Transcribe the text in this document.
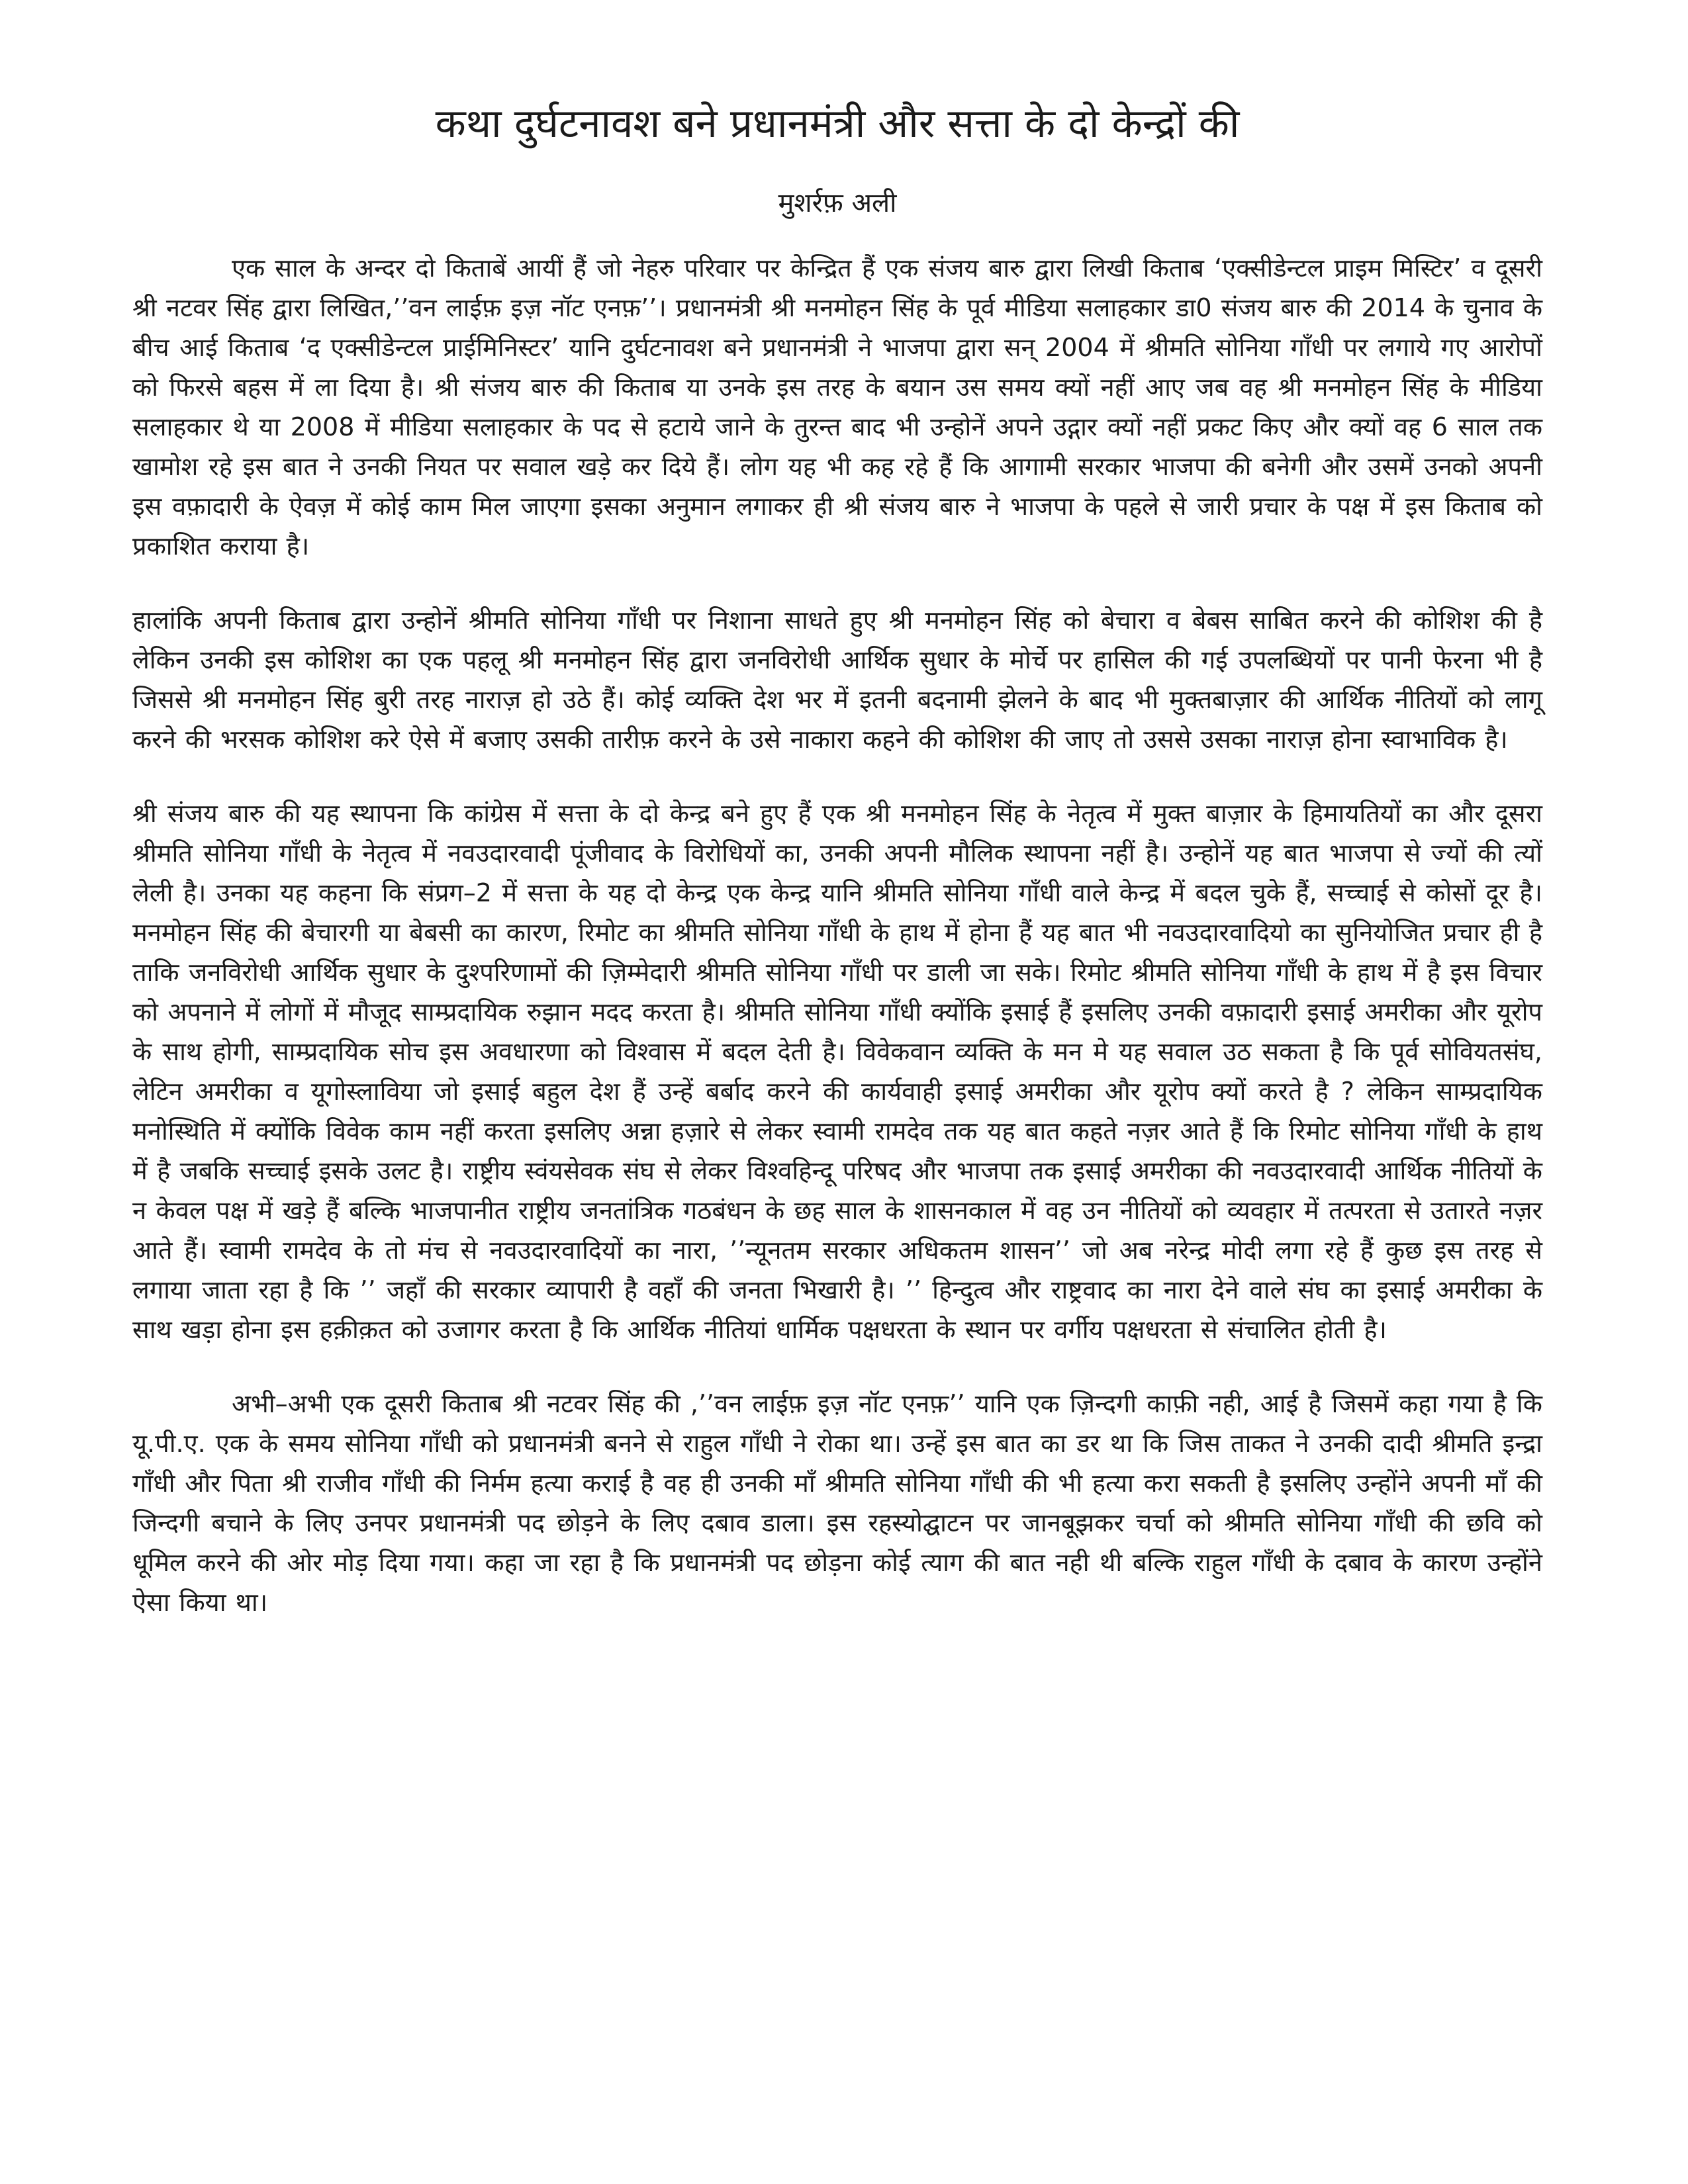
कथा दुर्घटनावश बने प्रधानमंत्री और सत्ता के दो केन्द्रों की
मुशर्रफ़ अली

एक साल के अन्दर दो किताबें आयीं हैं जो नेहरु परिवार पर केन्द्रित हैं एक संजय बारु द्वारा लिखी किताब ‘एक्सीडेन्टल प्राइम मिस्टिर’ व दूसरी श्री नटवर सिंह द्वारा लिखित,’’वन लाईफ़ इज़ नॉट एनफ़’’। प्रधानमंत्री श्री मनमोहन सिंह के पूर्व मीडिया सलाहकार डा0 संजय बारु की 2014 के चुनाव के बीच आई किताब ‘द एक्सीडेन्टल प्राईमिनिस्टर’ यानि दुर्घटनावश बने प्रधानमंत्री ने भाजपा द्वारा सन् 2004 में श्रीमति सोनिया गाँधी पर लगाये गए आरोपों को फिरसे बहस में ला दिया है। श्री संजय बारु की किताब या उनके इस तरह के बयान उस समय क्यों नहीं आए जब वह श्री मनमोहन सिंह के मीडिया सलाहकार थे या 2008 में मीडिया सलाहकार के पद से हटाये जाने के तुरन्त बाद भी उन्होनें अपने उद्गार क्यों नहीं प्रकट किए और क्यों वह 6 साल तक खामोश रहे इस बात ने उनकी नियत पर सवाल खड़े कर दिये हैं। लोग यह भी कह रहे हैं कि आगामी सरकार भाजपा की बनेगी और उसमें उनको अपनी इस वफ़ादारी के ऐवज़ में कोई काम मिल जाएगा इसका अनुमान लगाकर ही श्री संजय बारु ने भाजपा के पहले से जारी प्रचार के पक्ष में इस किताब को प्रकाशित कराया है।

हालांकि अपनी किताब द्वारा उन्होनें श्रीमति सोनिया गाँधी पर निशाना साधते हुए श्री मनमोहन सिंह को बेचारा व बेबस साबित करने की कोशिश की है लेकिन उनकी इस कोशिश का एक पहलू श्री मनमोहन सिंह द्वारा जनविरोधी आर्थिक सुधार के मोर्चे पर हासिल की गई उपलब्धियों पर पानी फेरना भी है जिससे श्री मनमोहन सिंह बुरी तरह नाराज़ हो उठे हैं। कोई व्यक्ति देश भर में इतनी बदनामी झेलने के बाद भी मुक्तबाज़ार की आर्थिक नीतियों को लागू करने की भरसक कोशिश करे ऐसे में बजाए उसकी तारीफ़ करने के उसे नाकारा कहने की कोशिश की जाए तो उससे उसका नाराज़ होना स्वाभाविक है।

श्री संजय बारु की यह स्थापना कि कांग्रेस में सत्ता के दो केन्द्र बने हुए हैं एक श्री मनमोहन सिंह के नेतृत्व में मुक्त बाज़ार के हिमायतियों का और दूसरा श्रीमति सोनिया गाँधी के नेतृत्व में नवउदारवादी पूंजीवाद के विरोधियों का, उनकी अपनी मौलिक स्थापना नहीं है। उन्होनें यह बात भाजपा से ज्यों की त्यों लेली है। उनका यह कहना कि संप्रग–2 में सत्ता के यह दो केन्द्र एक केन्द्र यानि श्रीमति सोनिया गाँधी वाले केन्द्र में बदल चुके हैं, सच्चाई से कोसों दूर है। मनमोहन सिंह की बेचारगी या बेबसी का कारण, रिमोट का श्रीमति सोनिया गाँधी के हाथ में होना हैं यह बात भी नवउदारवादियो का सुनियोजित प्रचार ही है ताकि जनविरोधी आर्थिक सुधार के दुश्परिणामों की ज़िम्मेदारी श्रीमति सोनिया गाँधी पर डाली जा सके। रिमोट श्रीमति सोनिया गाँधी के हाथ में है इस विचार को अपनाने में लोगों में मौजूद साम्प्रदायिक रुझान मदद करता है। श्रीमति सोनिया गाँधी क्योंकि इसाई हैं इसलिए उनकी वफ़ादारी इसाई अमरीका और यूरोप के साथ होगी, साम्प्रदायिक सोच इस अवधारणा को विश्वास में बदल देती है। विवेकवान व्यक्ति के मन मे यह सवाल उठ सकता है कि पूर्व सोवियतसंघ, लेटिन अमरीका व यूगोस्लाविया जो इसाई बहुल देश हैं उन्हें बर्बाद करने की कार्यवाही इसाई अमरीका और यूरोप क्यों करते है ? लेकिन साम्प्रदायिक मनोस्थिति में क्योंकि विवेक काम नहीं करता इसलिए अन्ना हज़ारे से लेकर स्वामी रामदेव तक यह बात कहते नज़र आते हैं कि रिमोट सोनिया गाँधी के हाथ में है जबकि सच्चाई इसके उलट है। राष्ट्रीय स्वंयसेवक संघ से लेकर विश्वहिन्दू परिषद और भाजपा तक इसाई अमरीका की नवउदारवादी आर्थिक नीतियों के न केवल पक्ष में खड़े हैं बल्कि भाजपानीत राष्ट्रीय जनतांत्रिक गठबंधन के छह साल के शासनकाल में वह उन नीतियों को व्यवहार में तत्परता से उतारते नज़र आते हैं। स्वामी रामदेव के तो मंच से नवउदारवादियों का नारा, ’’न्यूनतम सरकार अधिकतम शासन’’ जो अब नरेन्द्र मोदी लगा रहे हैं कुछ इस तरह से लगाया जाता रहा है कि ’’ जहाँ की सरकार व्यापारी है वहाँ की जनता भिखारी है। ’’ हिन्दुत्व और राष्ट्रवाद का नारा देने वाले संघ का इसाई अमरीका के साथ खड़ा होना इस हक़ीक़त को उजागर करता है कि आर्थिक नीतियां धार्मिक पक्षधरता के स्थान पर वर्गीय पक्षधरता से संचालित होती है।

अभी–अभी एक दूसरी किताब श्री नटवर सिंह की ,’’वन लाईफ़ इज़ नॉट एनफ़’’ यानि एक ज़िन्दगी काफ़ी नही, आई है जिसमें कहा गया है कि यू.पी.ए. एक के समय सोनिया गाँधी को प्रधानमंत्री बनने से राहुल गाँधी ने रोका था। उन्हें इस बात का डर था कि जिस ताकत ने उनकी दादी श्रीमति इन्द्रा गाँधी और पिता श्री राजीव गाँधी की निर्मम हत्या कराई है वह ही उनकी माँ श्रीमति सोनिया गाँधी की भी हत्या करा सकती है इसलिए उन्होंने अपनी माँ की जिन्दगी बचाने के लिए उनपर प्रधानमंत्री पद छोड़ने के लिए दबाव डाला। इस रहस्योद्घाटन पर जानबूझकर चर्चा को श्रीमति सोनिया गाँधी की छवि को धूमिल करने की ओर मोड़ दिया गया। कहा जा रहा है कि प्रधानमंत्री पद छोड़ना कोई त्याग की बात नही थी बल्कि राहुल गाँधी के दबाव के कारण उन्होंने ऐसा किया था।
